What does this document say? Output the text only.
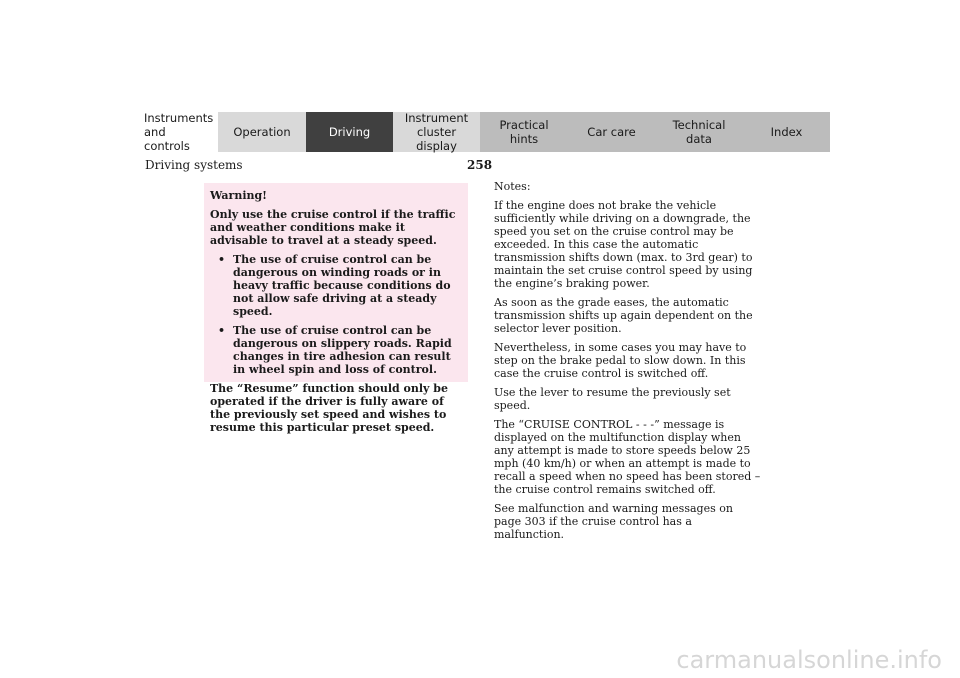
Instruments
and controls
Operation	Driving
Instrument
cluster display
Practical hints	Car care	Technical
data	Index
Driving systems	258

Warning!

Only use the cruise control if the traffic and weather conditions make it advisable to travel at a steady speed.

• The use of cruise control can be dangerous on winding roads or in heavy traffic because conditions do not allow safe driving at a steady speed.
• The use of cruise control can be dangerous on slippery roads. Rapid changes in tire adhesion can result in wheel spin and loss of control.

The “Resume” function should only be operated if the driver is fully aware of the previously set speed and wishes to resume this particular preset speed.

Notes:

If the engine does not brake the vehicle sufficiently while driving on a downgrade, the speed you set on the cruise control may be exceeded. In this case the automatic transmission shifts down (max. to 3rd gear) to maintain the set cruise control speed by using the engine’s braking power.

As soon as the grade eases, the automatic transmission shifts up again dependent on the selector lever position.

Nevertheless, in some cases you may have to step on the brake pedal to slow down. In this case the cruise control is switched off.

Use the lever to resume the previously set speed.

The “CRUISE CONTROL - - -” message is displayed on the multifunction display when any attempt is made to store speeds below 25 mph (40 km/h) or when an attempt is made to recall a speed when no speed has been stored – the cruise control remains switched off.

See malfunction and warning messages on page 303 if the cruise control has a malfunction.

carmanualsonline.info
